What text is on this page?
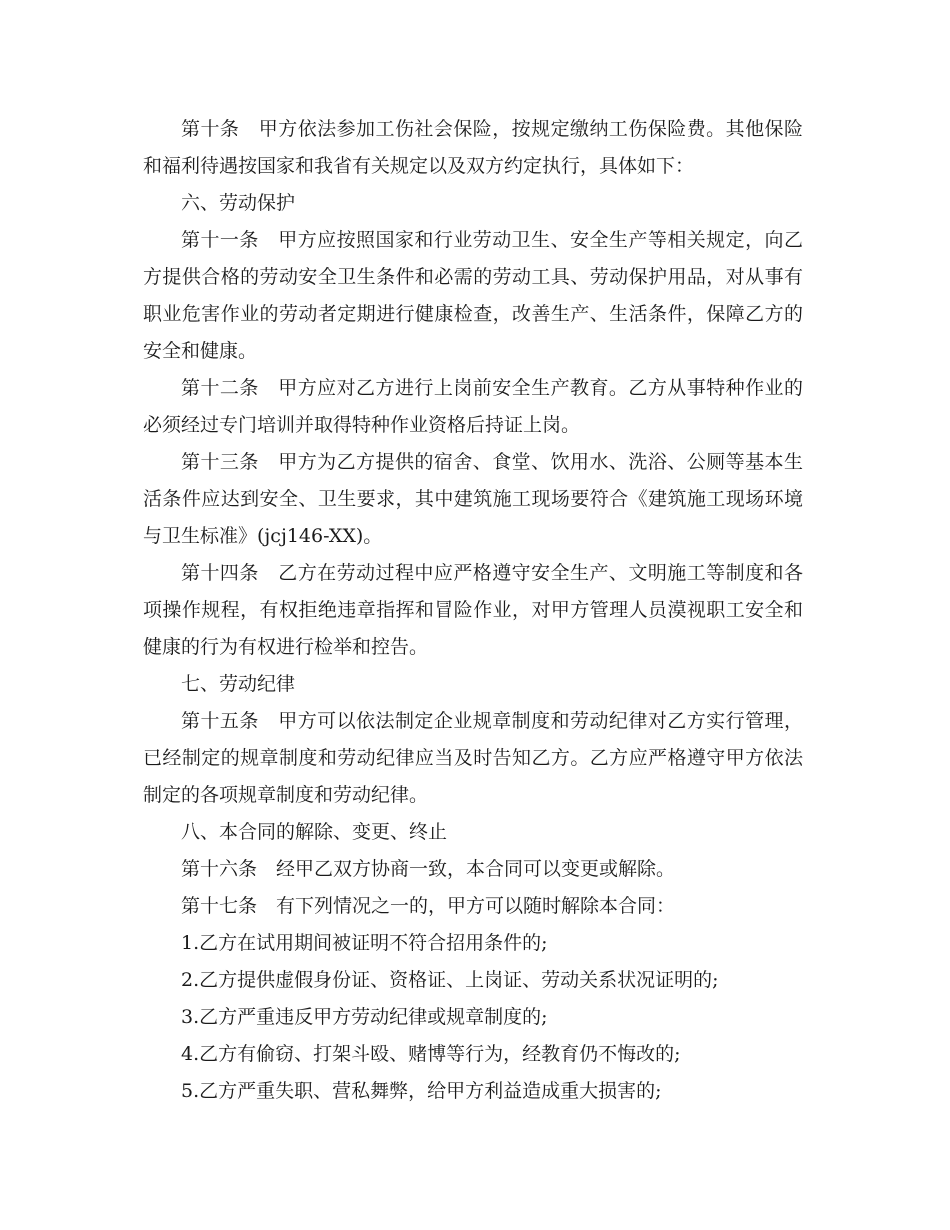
第十条　甲方依法参加工伤社会保险，按规定缴纳工伤保险费。其他保险和福利待遇按国家和我省有关规定以及双方约定执行，具体如下：

六、劳动保护

第十一条　甲方应按照国家和行业劳动卫生、安全生产等相关规定，向乙方提供合格的劳动安全卫生条件和必需的劳动工具、劳动保护用品，对从事有职业危害作业的劳动者定期进行健康检查，改善生产、生活条件，保障乙方的安全和健康。

第十二条　甲方应对乙方进行上岗前安全生产教育。乙方从事特种作业的必须经过专门培训并取得特种作业资格后持证上岗。

第十三条　甲方为乙方提供的宿舍、食堂、饮用水、洗浴、公厕等基本生活条件应达到安全、卫生要求，其中建筑施工现场要符合《建筑施工现场环境与卫生标准》(jcj146-XX)。

第十四条　乙方在劳动过程中应严格遵守安全生产、文明施工等制度和各项操作规程，有权拒绝违章指挥和冒险作业，对甲方管理人员漠视职工安全和健康的行为有权进行检举和控告。

七、劳动纪律

第十五条　甲方可以依法制定企业规章制度和劳动纪律对乙方实行管理，已经制定的规章制度和劳动纪律应当及时告知乙方。乙方应严格遵守甲方依法制定的各项规章制度和劳动纪律。

八、本合同的解除、变更、终止

第十六条　经甲乙双方协商一致，本合同可以变更或解除。

第十七条　有下列情况之一的，甲方可以随时解除本合同：

1.乙方在试用期间被证明不符合招用条件的;

2.乙方提供虚假身份证、资格证、上岗证、劳动关系状况证明的;

3.乙方严重违反甲方劳动纪律或规章制度的;

4.乙方有偷窃、打架斗殴、赌博等行为，经教育仍不悔改的;

5.乙方严重失职、营私舞弊，给甲方利益造成重大损害的;
